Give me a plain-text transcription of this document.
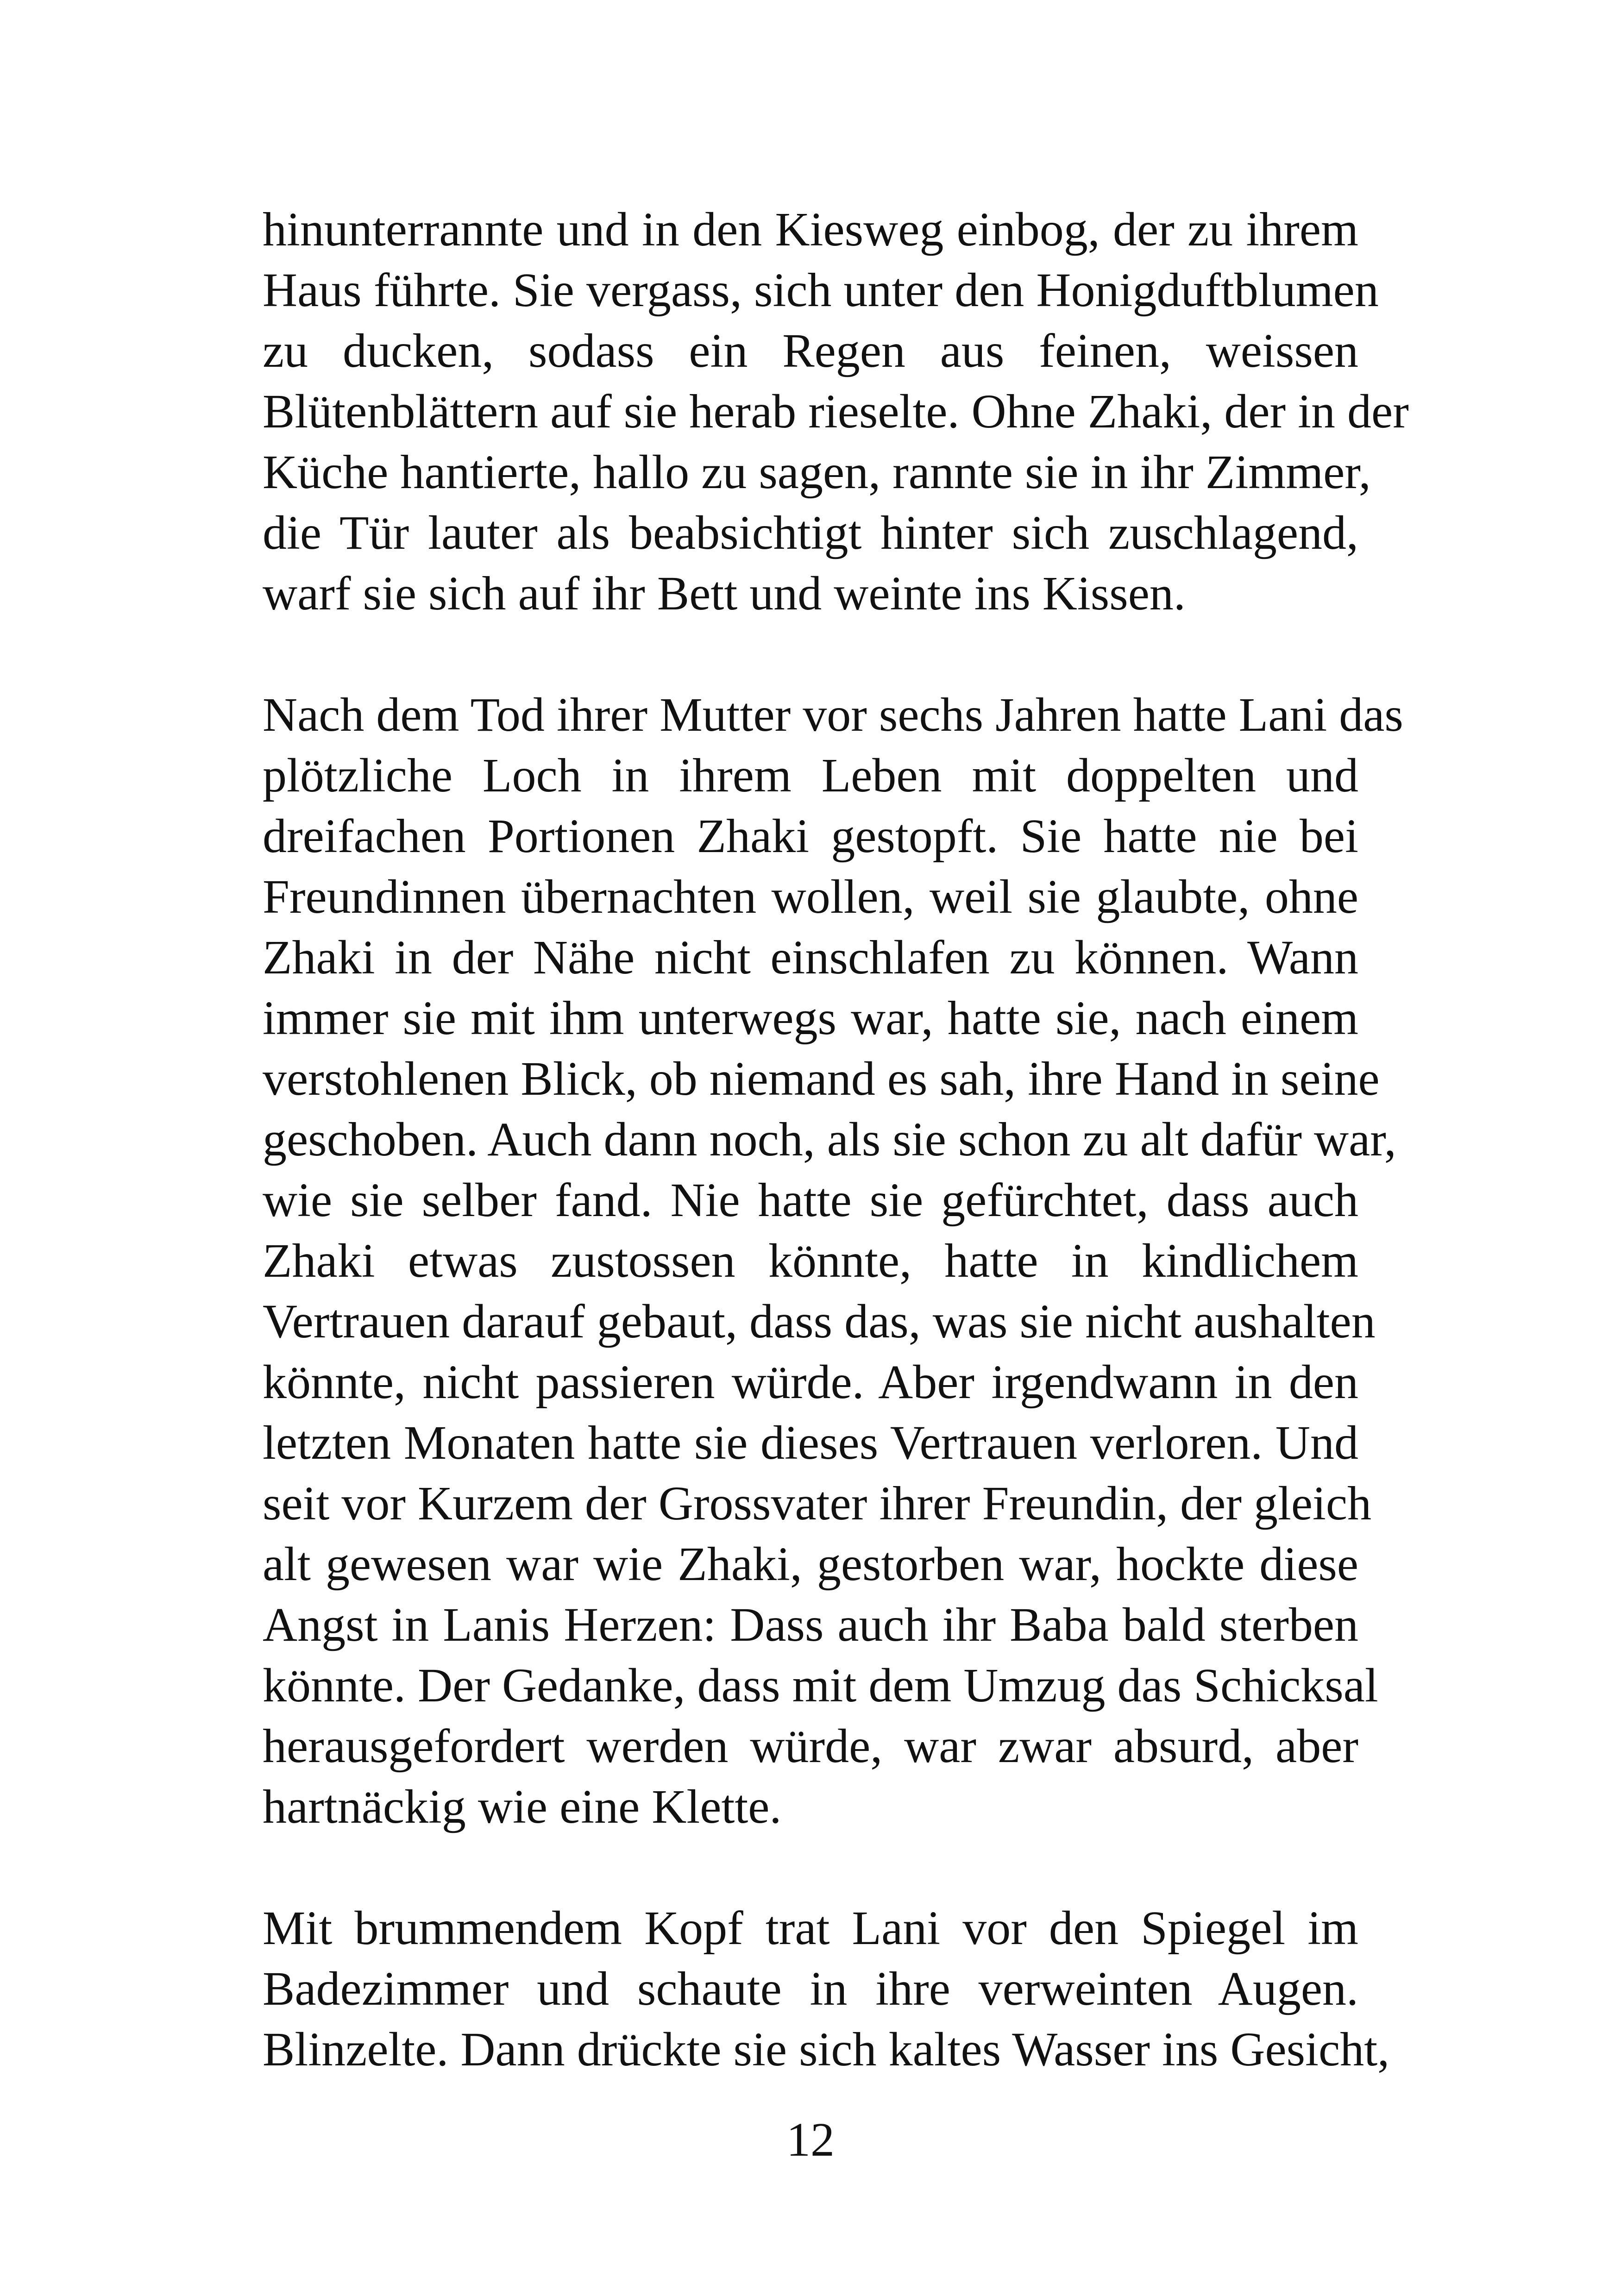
hinunterrannte und in den Kiesweg einbog, der zu ihrem
Haus führte. Sie vergass, sich unter den Honigduftblumen
zu ducken, sodass ein Regen aus feinen, weissen
Blütenblättern auf sie herab rieselte. Ohne Zhaki, der in der
Küche hantierte, hallo zu sagen, rannte sie in ihr Zimmer,
die Tür lauter als beabsichtigt hinter sich zuschlagend,
warf sie sich auf ihr Bett und weinte ins Kissen.
Nach dem Tod ihrer Mutter vor sechs Jahren hatte Lani das
plötzliche Loch in ihrem Leben mit doppelten und
dreifachen Portionen Zhaki gestopft. Sie hatte nie bei
Freundinnen übernachten wollen, weil sie glaubte, ohne
Zhaki in der Nähe nicht einschlafen zu können. Wann
immer sie mit ihm unterwegs war, hatte sie, nach einem
verstohlenen Blick, ob niemand es sah, ihre Hand in seine
geschoben. Auch dann noch, als sie schon zu alt dafür war,
wie sie selber fand. Nie hatte sie gefürchtet, dass auch
Zhaki etwas zustossen könnte, hatte in kindlichem
Vertrauen darauf gebaut, dass das, was sie nicht aushalten
könnte, nicht passieren würde. Aber irgendwann in den
letzten Monaten hatte sie dieses Vertrauen verloren. Und
seit vor Kurzem der Grossvater ihrer Freundin, der gleich
alt gewesen war wie Zhaki, gestorben war, hockte diese
Angst in Lanis Herzen: Dass auch ihr Baba bald sterben
könnte. Der Gedanke, dass mit dem Umzug das Schicksal
herausgefordert werden würde, war zwar absurd, aber
hartnäckig wie eine Klette.
Mit brummendem Kopf trat Lani vor den Spiegel im
Badezimmer und schaute in ihre verweinten Augen.
Blinzelte. Dann drückte sie sich kaltes Wasser ins Gesicht,
12
